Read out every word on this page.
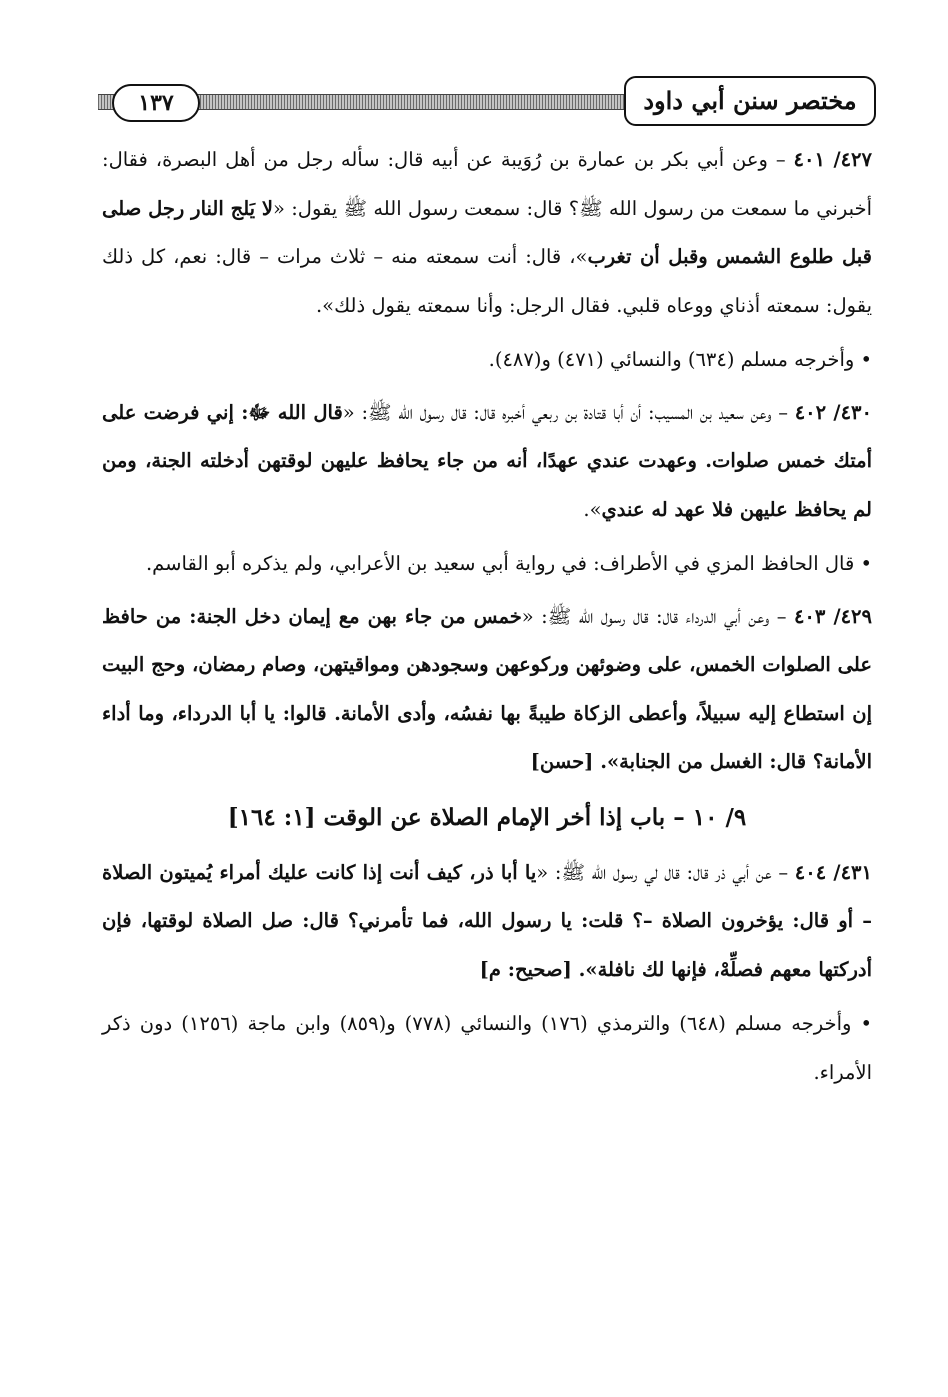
١٣٧	مختصر سنن أبي داود

٤٢٧/ ٤٠١ – وعن أبي بكر بن عمارة بن رُوَيبة عن أبيه قال: سأله رجل من أهل البصرة، فقال: أخبرني ما سمعت من رسول الله ﷺ؟ قال: سمعت رسول الله ﷺ يقول: «لا يَلج النار رجل صلى قبل طلوع الشمس وقبل أن تغرب»، قال: أنت سمعته منه – ثلاث مرات – قال: نعم، كل ذلك يقول: سمعته أذناي ووعاه قلبي. فقال الرجل: وأنا سمعته يقول ذلك».

• وأخرجه مسلم (٦٣٤) والنسائي (٤٧١) و(٤٨٧).

٤٣٠/ ٤٠٢ – وعن سعيد بن المسيب: أن أبا قتادة بن ربعي أخبره قال: قال رسول الله ﷺ: «قال الله ﷻ: إني فرضت على أمتك خمس صلوات. وعهدت عندي عهدًا، أنه من جاء يحافظ عليهن لوقتهن أدخلته الجنة، ومن لم يحافظ عليهن فلا عهد له عندي».

• قال الحافظ المزي في الأطراف: في رواية أبي سعيد بن الأعرابي، ولم يذكره أبو القاسم.

٤٢٩/ ٤٠٣ – وعن أبي الدرداء قال: قال رسول الله ﷺ: «خمس من جاء بهن مع إيمان دخل الجنة: من حافظ على الصلوات الخمس، على وضوئهن وركوعهن وسجودهن ومواقيتهن، وصام رمضان، وحج البيت إن استطاع إليه سبيلاً، وأعطى الزكاة طيبةً بها نفسُه، وأدى الأمانة. قالوا: يا أبا الدرداء، وما أداء الأمانة؟ قال: الغسل من الجنابة». [حسن]

٩/ ١٠ – باب إذا أخر الإمام الصلاة عن الوقت [١: ١٦٤]

٤٣١/ ٤٠٤ – عن أبي ذر قال: قال لي رسول الله ﷺ: «يا أبا ذر، كيف أنت إذا كانت عليك أمراء يُميتون الصلاة – أو قال: يؤخرون الصلاة –؟ قلت: يا رسول الله، فما تأمرني؟ قال: صل الصلاة لوقتها، فإن أدركتها معهم فصلِّهْ، فإنها لك نافلة». [صحيح: م]

• وأخرجه مسلم (٦٤٨) والترمذي (١٧٦) والنسائي (٧٧٨) و(٨٥٩) وابن ماجة (١٢٥٦) دون ذكر الأمراء.
